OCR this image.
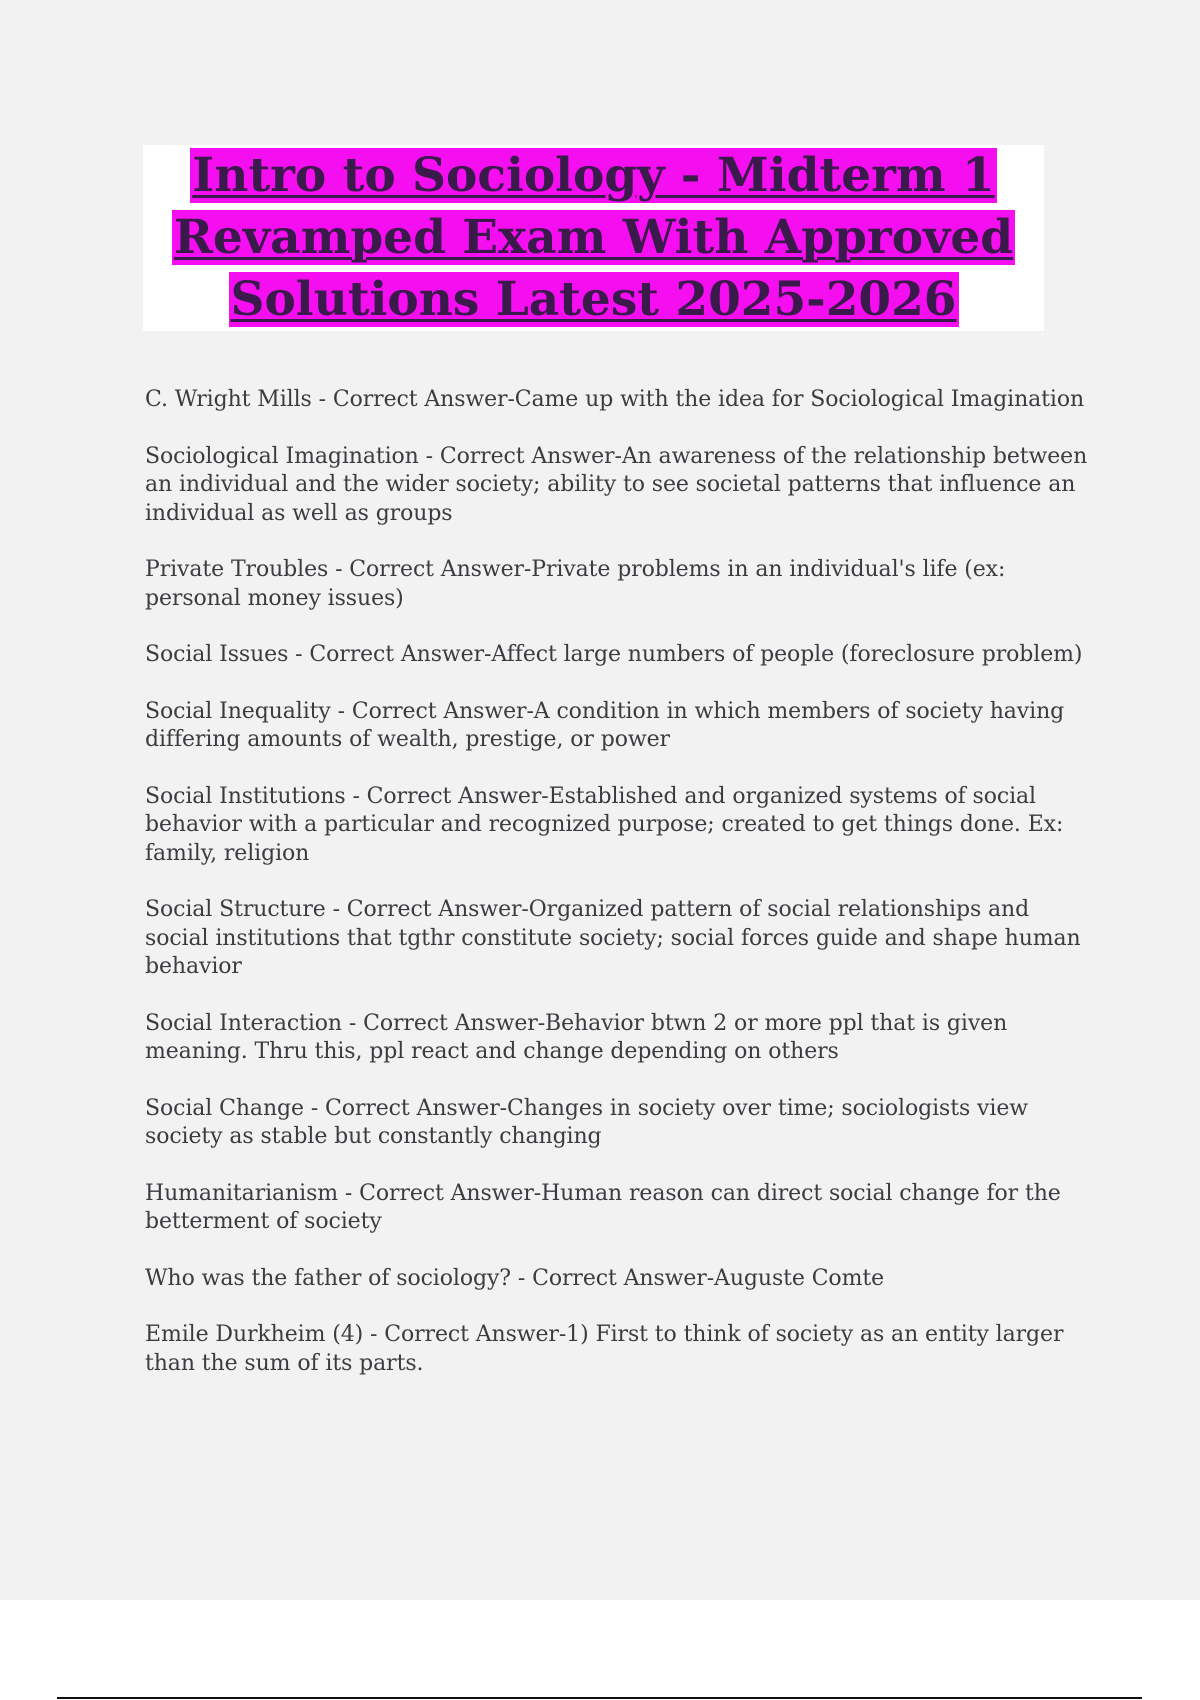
Intro to Sociology - Midterm 1 Revamped Exam With Approved Solutions Latest 2025-2026

C. Wright Mills - Correct Answer-Came up with the idea for Sociological Imagination

Sociological Imagination - Correct Answer-An awareness of the relationship between an individual and the wider society; ability to see societal patterns that influence an individual as well as groups

Private Troubles - Correct Answer-Private problems in an individual's life (ex: personal money issues)

Social Issues - Correct Answer-Affect large numbers of people (foreclosure problem)

Social Inequality - Correct Answer-A condition in which members of society having differing amounts of wealth, prestige, or power

Social Institutions - Correct Answer-Established and organized systems of social behavior with a particular and recognized purpose; created to get things done. Ex: family, religion

Social Structure - Correct Answer-Organized pattern of social relationships and social institutions that tgthr constitute society; social forces guide and shape human behavior

Social Interaction - Correct Answer-Behavior btwn 2 or more ppl that is given meaning. Thru this, ppl react and change depending on others

Social Change - Correct Answer-Changes in society over time; sociologists view society as stable but constantly changing

Humanitarianism - Correct Answer-Human reason can direct social change for the betterment of society

Who was the father of sociology? - Correct Answer-Auguste Comte

Emile Durkheim (4) - Correct Answer-1) First to think of society as an entity larger than the sum of its parts.
